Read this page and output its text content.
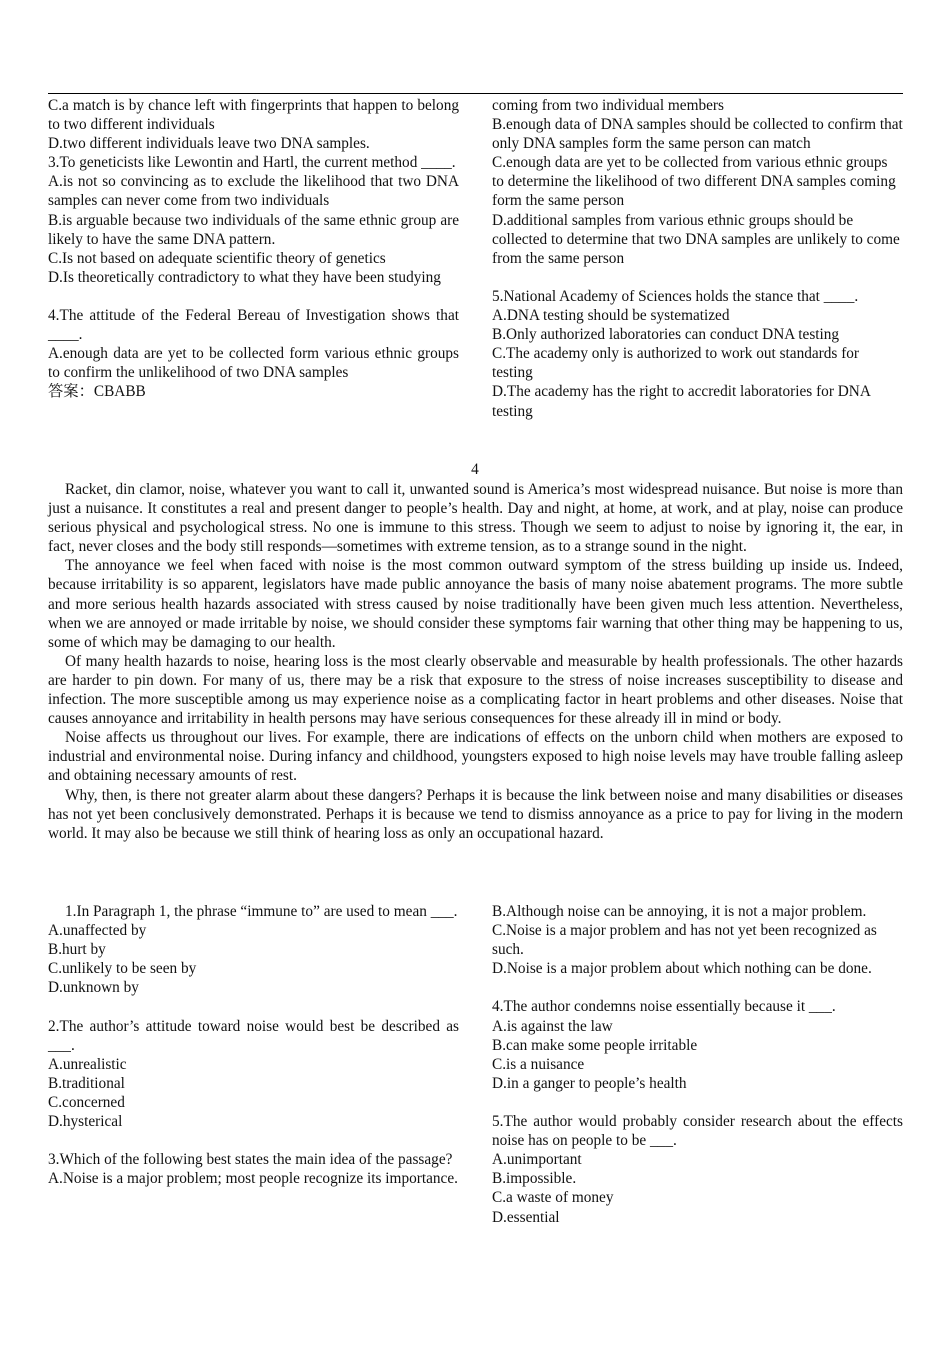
C.a match is by chance left with fingerprints that happen to belong to two different individuals

D.two different individuals leave two DNA samples.

3.To geneticists like Lewontin and Hartl, the current method ____.

A.is not so convincing as to exclude the likelihood that two DNA samples can never come from two individuals

B.is arguable because two individuals of the same ethnic group are likely to have the same DNA pattern.

C.Is not based on adequate scientific theory of genetics

D.Is theoretically contradictory to what they have been studying

4.The attitude of the Federal Bereau of Investigation shows that ____.

A.enough data are yet to be collected form various ethnic groups to confirm the unlikelihood of two DNA samples

答案：CBABB

coming from two individual members

B.enough data of DNA samples should be collected to confirm that only DNA samples form the same person can match

C.enough data are yet to be collected from various ethnic groups to determine the likelihood of two different DNA samples coming form the same person

D.additional samples from various ethnic groups should be collected to determine that two DNA samples are unlikely to come from the same person

5.National Academy of Sciences holds the stance that ____.

A.DNA testing should be systematized

B.Only authorized laboratories can conduct DNA testing

C.The academy only is authorized to work out standards for testing

D.The academy has the right to accredit laboratories for DNA testing

4

Racket, din clamor, noise, whatever you want to call it, unwanted sound is America’s most widespread nuisance. But noise is more than just a nuisance. It constitutes a real and present danger to people’s health. Day and night, at home, at work, and at play, noise can produce serious physical and psychological stress. No one is immune to this stress. Though we seem to adjust to noise by ignoring it, the ear, in fact, never closes and the body still responds—sometimes with extreme tension, as to a strange sound in the night.

The annoyance we feel when faced with noise is the most common outward symptom of the stress building up inside us. Indeed, because irritability is so apparent, legislators have made public annoyance the basis of many noise abatement programs. The more subtle and more serious health hazards associated with stress caused by noise traditionally have been given much less attention. Nevertheless, when we are annoyed or made irritable by noise, we should consider these symptoms fair warning that other thing may be happening to us, some of which may be damaging to our health.

Of many health hazards to noise, hearing loss is the most clearly observable and measurable by health professionals. The other hazards are harder to pin down. For many of us, there may be a risk that exposure to the stress of noise increases susceptibility to disease and infection. The more susceptible among us may experience noise as a complicating factor in heart problems and other diseases. Noise that causes annoyance and irritability in health persons may have serious consequences for these already ill in mind or body.

Noise affects us throughout our lives. For example, there are indications of effects on the unborn child when mothers are exposed to industrial and environmental noise. During infancy and childhood, youngsters exposed to high noise levels may have trouble falling asleep and obtaining necessary amounts of rest.

Why, then, is there not greater alarm about these dangers? Perhaps it is because the link between noise and many disabilities or diseases has not yet been conclusively demonstrated. Perhaps it is because we tend to dismiss annoyance as a price to pay for living in the modern world. It may also be because we still think of hearing loss as only an occupational hazard.

1.In Paragraph 1, the phrase “immune to” are used to mean ___.

A.unaffected by

B.hurt by

C.unlikely to be seen by

D.unknown by

2.The author’s attitude toward noise would best be described as ___.

A.unrealistic

B.traditional

C.concerned

D.hysterical

3.Which of the following best states the main idea of the passage?

A.Noise is a major problem; most people recognize its importance.

B.Although noise can be annoying, it is not a major problem.

C.Noise is a major problem and has not yet been recognized as such.

D.Noise is a major problem about which nothing can be done.

4.The author condemns noise essentially because it ___.

A.is against the law

B.can make some people irritable

C.is a nuisance

D.in a ganger to people’s health

5.The author would probably consider research about the effects noise has on people to be ___.

A.unimportant

B.impossible.

C.a waste of money

D.essential
